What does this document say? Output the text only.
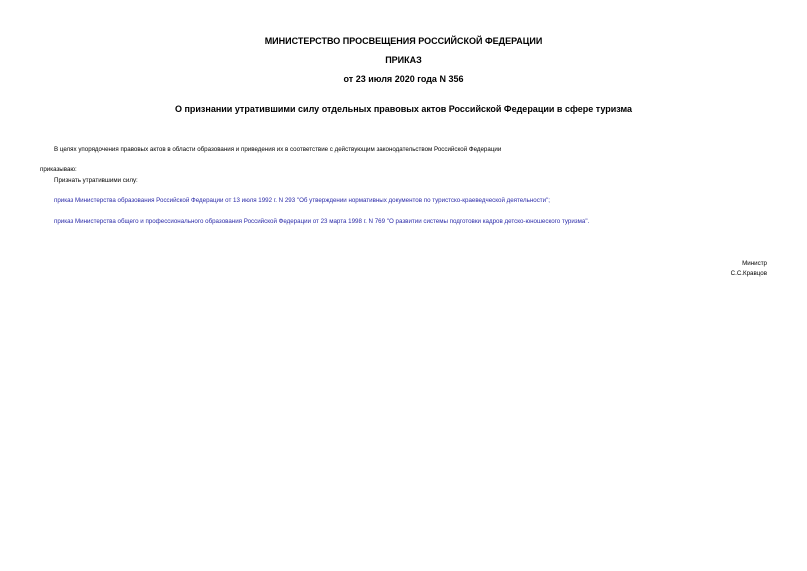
МИНИСТЕРСТВО ПРОСВЕЩЕНИЯ РОССИЙСКОЙ ФЕДЕРАЦИИ
ПРИКАЗ
от 23 июля 2020 года N 356
О признании утратившими силу отдельных правовых актов Российской Федерации в сфере туризма
В целях упорядочения правовых актов в области образования и приведения их в соответствие с действующим законодательством Российской Федерации
приказываю:
Признать утратившими силу:
приказ Министерства образования Российской Федерации от 13 июля 1992 г. N 293 "Об утверждении нормативных документов по туристско-краеведческой деятельности";
приказ Министерства общего и профессионального образования Российской Федерации от 23 марта 1998 г. N 769 "О развитии системы подготовки кадров детско-юношеского туризма".
Министр
С.С.Кравцов
